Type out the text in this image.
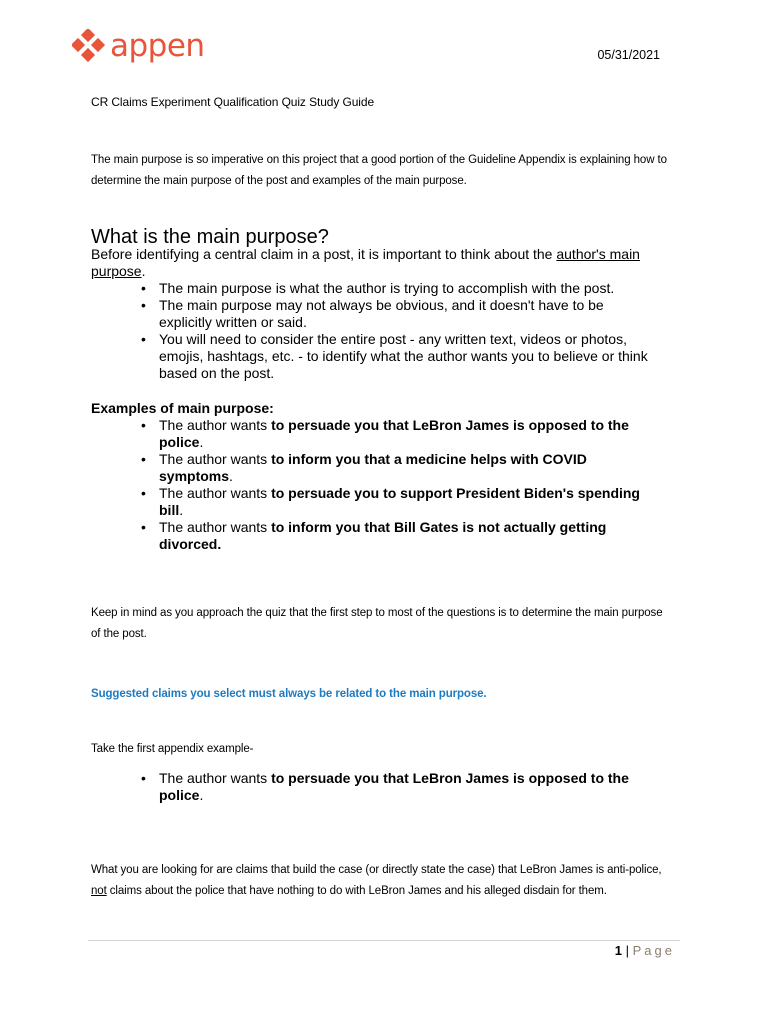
appen	05/31/2021
CR Claims Experiment Qualification Quiz Study Guide
The main purpose is so imperative on this project that a good portion of the Guideline Appendix is explaining how to determine the main purpose of the post and examples of the main purpose.
What is the main purpose?
Before identifying a central claim in a post, it is important to think about the author's main purpose.
• The main purpose is what the author is trying to accomplish with the post.
• The main purpose may not always be obvious, and it doesn't have to be explicitly written or said.
• You will need to consider the entire post - any written text, videos or photos, emojis, hashtags, etc. - to identify what the author wants you to believe or think based on the post.
Examples of main purpose:
• The author wants to persuade you that LeBron James is opposed to the police.
• The author wants to inform you that a medicine helps with COVID symptoms.
• The author wants to persuade you to support President Biden's spending bill.
• The author wants to inform you that Bill Gates is not actually getting divorced.
Keep in mind as you approach the quiz that the first step to most of the questions is to determine the main purpose of the post.
Suggested claims you select must always be related to the main purpose.
Take the first appendix example-
• The author wants to persuade you that LeBron James is opposed to the police.
What you are looking for are claims that build the case (or directly state the case) that LeBron James is anti-police, not claims about the police that have nothing to do with LeBron James and his alleged disdain for them.
1 | Page
